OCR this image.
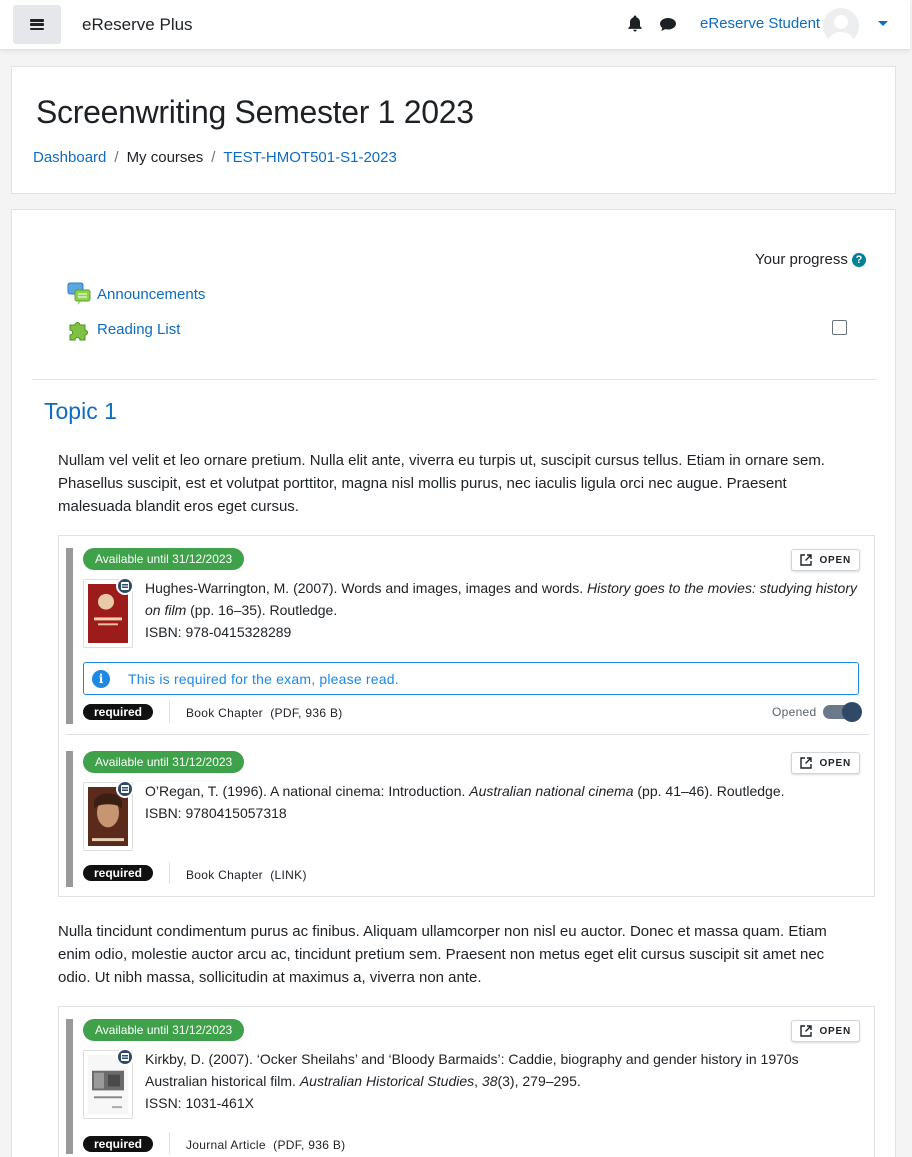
eReserve Plus	eReserve Student
Screenwriting Semester 1 2023
Dashboard / My courses / TEST-HMOT501-S1-2023
Your progress ?
Announcements
Reading List
Topic 1

Nullam vel velit et leo ornare pretium. Nulla elit ante, viverra eu turpis ut, suscipit cursus tellus. Etiam in ornare sem. Phasellus suscipit, est et volutpat porttitor, magna nisl mollis purus, nec iaculis ligula orci nec augue. Praesent malesuada blandit eros eget cursus.

Available until 31/12/2023	OPEN
Hughes-Warrington, M. (2007). Words and images, images and words. History goes to the movies: studying history on film (pp. 16–35). Routledge.
ISBN: 978-0415328289
i	This is required for the exam, please read.
required	Book Chapter (PDF, 936 B)	Opened
Available until 31/12/2023	OPEN
O’Regan, T. (1996). A national cinema: Introduction. Australian national cinema (pp. 41–46). Routledge.
ISBN: 9780415057318
required	Book Chapter (LINK)

Nulla tincidunt condimentum purus ac finibus. Aliquam ullamcorper non nisl eu auctor. Donec et massa quam. Etiam enim odio, molestie auctor arcu ac, tincidunt pretium sem. Praesent non metus eget elit cursus suscipit sit amet nec odio. Ut nibh massa, sollicitudin at maximus a, viverra non ante.

Available until 31/12/2023	OPEN
Kirkby, D. (2007). ‘Ocker Sheilahs’ and ‘Bloody Barmaids’: Caddie, biography and gender history in 1970s Australian historical film. Australian Historical Studies, 38(3), 279–295.
ISSN: 1031-461X
required	Journal Article (PDF, 936 B)
